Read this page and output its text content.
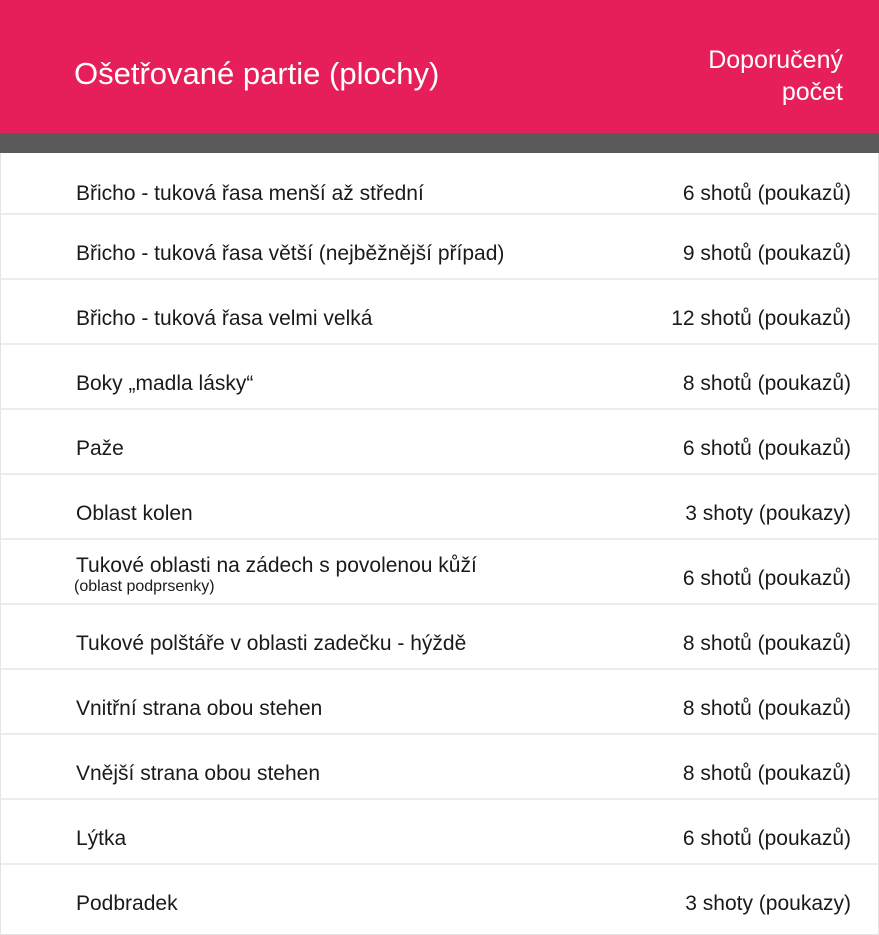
Ošetřované partie (plochy)	Doporučený
počet
Břicho - tuková řasa menší až střední	6 shotů (poukazů)
Břicho - tuková řasa větší (nejběžnější případ)	9 shotů (poukazů)
Břicho - tuková řasa velmi velká	12 shotů (poukazů)
Boky „madla lásky“	8 shotů (poukazů)
Paže	6 shotů (poukazů)
Oblast kolen	3 shoty (poukazy)
Tukové oblasti na zádech s povolenou kůží
(oblast podprsenky)	6 shotů (poukazů)
Tukové polštáře v oblasti zadečku - hýždě	8 shotů (poukazů)
Vnitřní strana obou stehen	8 shotů (poukazů)
Vnější strana obou stehen	8 shotů (poukazů)
Lýtka	6 shotů (poukazů)
Podbradek	3 shoty (poukazy)
